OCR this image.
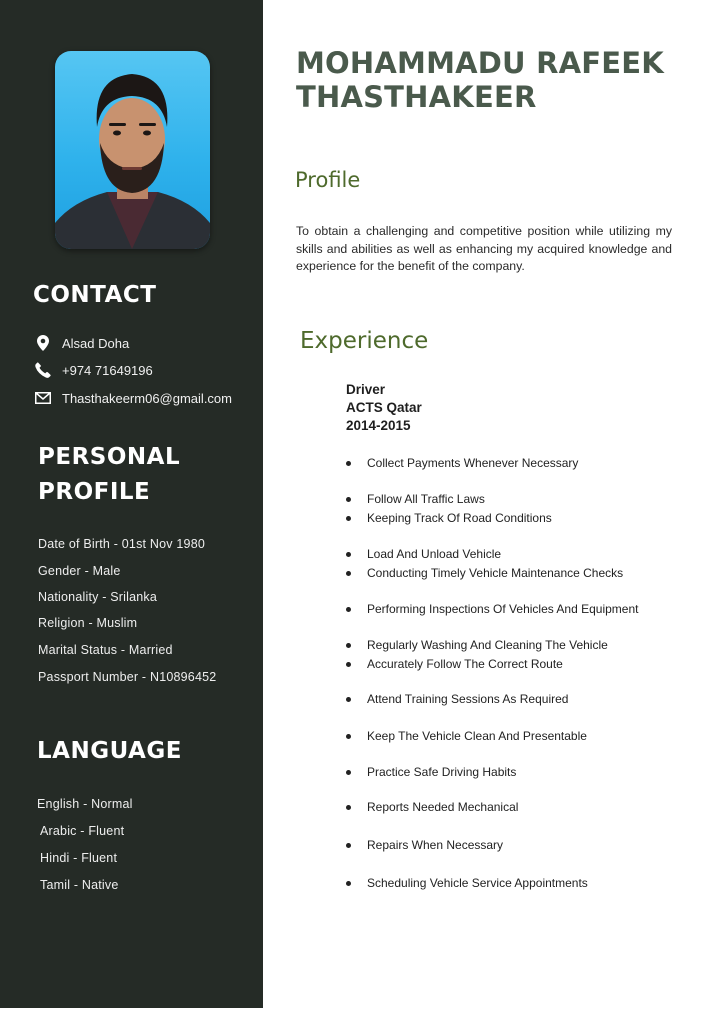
CONTACT
Alsad Doha
+974 71649196
Thasthakeerm06@gmail.com
PERSONAL
PROFILE
Date of Birth - 01st Nov 1980
Gender - Male
Nationality - Srilanka
Religion - Muslim
Marital Status - Married
Passport Number - N10896452
LANGUAGE
English - Normal
Arabic - Fluent
Hindi - Fluent
Tamil - Native
MOHAMMADU RAFEEK THASTHAKEER
Profile

To obtain a challenging and competitive position while utilizing my skills and abilities as well as enhancing my acquired knowledge and experience for the benefit of the company.

Experience
Driver
ACTS Qatar
2014-2015
Collect Payments Whenever Necessary
Follow All Traffic Laws
Keeping Track Of Road Conditions
Load And Unload Vehicle
Conducting Timely Vehicle Maintenance Checks
Performing Inspections Of Vehicles And Equipment
Regularly Washing And Cleaning The Vehicle
Accurately Follow The Correct Route
Attend Training Sessions As Required
Keep The Vehicle Clean And Presentable
Practice Safe Driving Habits
Reports Needed Mechanical
Repairs When Necessary
Scheduling Vehicle Service Appointments
